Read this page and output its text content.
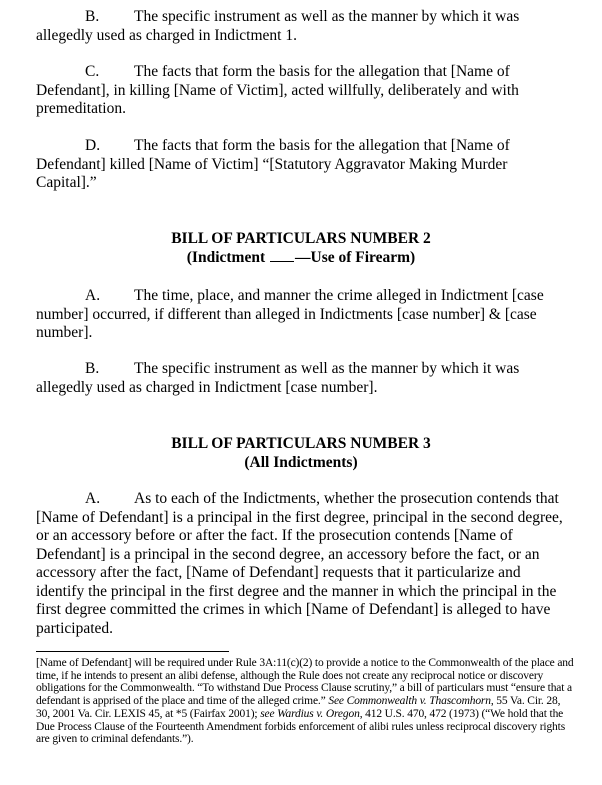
B. The specific instrument as well as the manner by which it was allegedly used as charged in Indictment 1.

C. The facts that form the basis for the allegation that [Name of Defendant], in killing [Name of Victim], acted willfully, deliberately and with premeditation.

D. The facts that form the basis for the allegation that [Name of Defendant] killed [Name of Victim] “[Statutory Aggravator Making Murder Capital].”

BILL OF PARTICULARS NUMBER 2
(Indictment —Use of Firearm)

A. The time, place, and manner the crime alleged in Indictment [case number] occurred, if different than alleged in Indictments [case number] & [case number].

B. The specific instrument as well as the manner by which it was allegedly used as charged in Indictment [case number].

BILL OF PARTICULARS NUMBER 3
(All Indictments)

A. As to each of the Indictments, whether the prosecution contends that [Name of Defendant] is a principal in the first degree, principal in the second degree, or an accessory before or after the fact. If the prosecution contends [Name of Defendant] is a principal in the second degree, an accessory before the fact, or an accessory after the fact, [Name of Defendant] requests that it particularize and identify the principal in the first degree and the manner in which the principal in the first degree committed the crimes in which [Name of Defendant] is alleged to have participated.

[Name of Defendant] will be required under Rule 3A:11(c)(2) to provide a notice to the Commonwealth of the place and time, if he intends to present an alibi defense, although the Rule does not create any reciprocal notice or discovery obligations for the Commonwealth. “To withstand Due Process Clause scrutiny,” a bill of particulars must “ensure that a defendant is apprised of the place and time of the alleged crime.” See Commonwealth v. Thascomhorn, 55 Va. Cir. 28, 30, 2001 Va. Cir. LEXIS 45, at *5 (Fairfax 2001); see Wardius v. Oregon, 412 U.S. 470, 472 (1973) (“We hold that the Due Process Clause of the Fourteenth Amendment forbids enforcement of alibi rules unless reciprocal discovery rights are given to criminal defendants.”).
